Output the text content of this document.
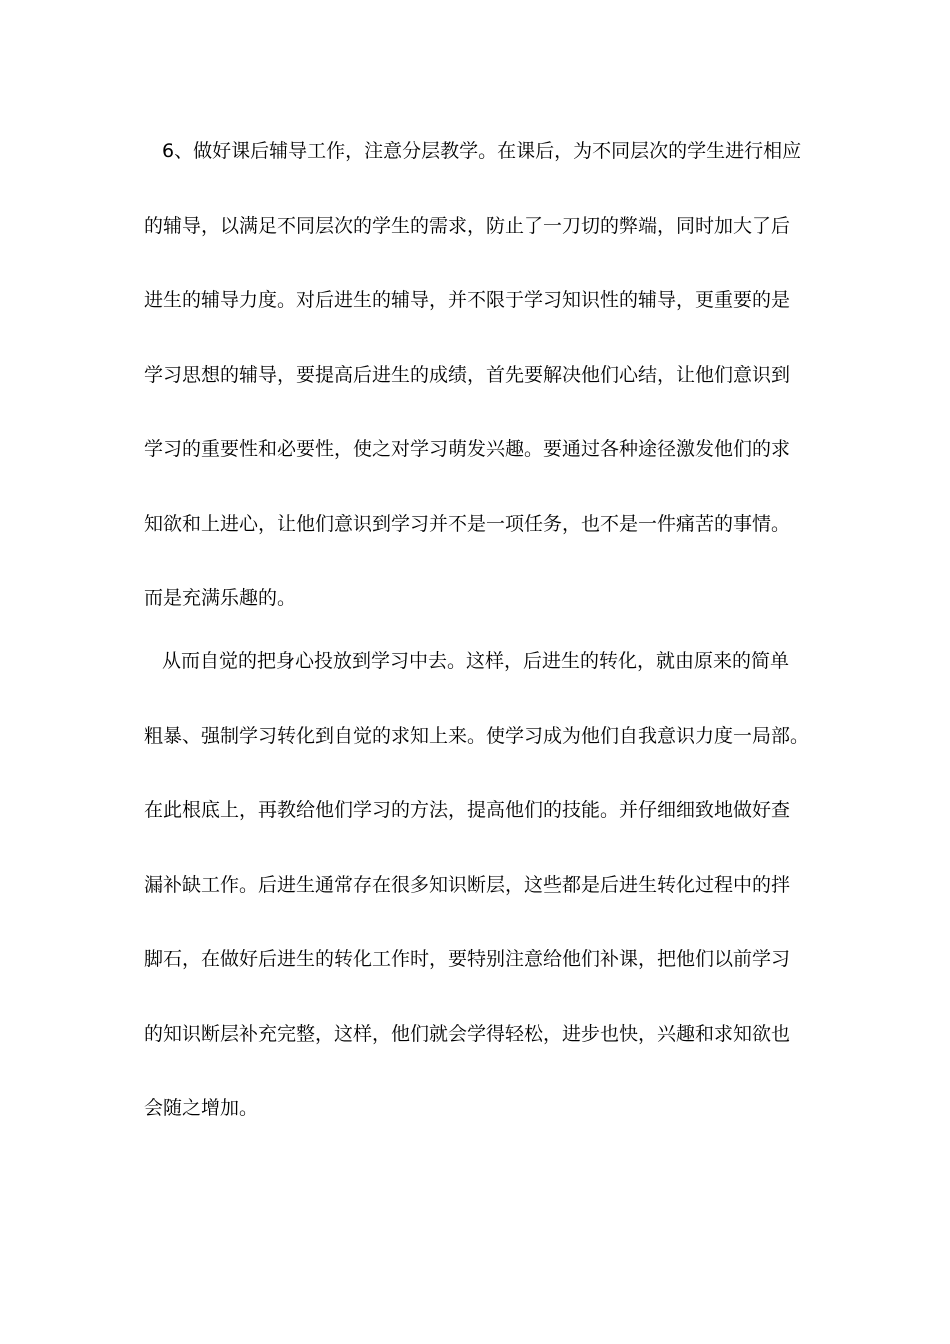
6、做好课后辅导工作，注意分层教学。在课后，为不同层次的学生进行相应
的辅导，以满足不同层次的学生的需求，防止了一刀切的弊端，同时加大了后
进生的辅导力度。对后进生的辅导，并不限于学习知识性的辅导，更重要的是
学习思想的辅导，要提高后进生的成绩，首先要解决他们心结，让他们意识到
学习的重要性和必要性，使之对学习萌发兴趣。要通过各种途径激发他们的求
知欲和上进心，让他们意识到学习并不是一项任务，也不是一件痛苦的事情。
而是充满乐趣的。
从而自觉的把身心投放到学习中去。这样，后进生的转化，就由原来的简单
粗暴、强制学习转化到自觉的求知上来。使学习成为他们自我意识力度一局部。
在此根底上，再教给他们学习的方法，提高他们的技能。并仔细细致地做好查
漏补缺工作。后进生通常存在很多知识断层，这些都是后进生转化过程中的拌
脚石，在做好后进生的转化工作时，要特别注意给他们补课，把他们以前学习
的知识断层补充完整，这样，他们就会学得轻松，进步也快，兴趣和求知欲也
会随之增加。
